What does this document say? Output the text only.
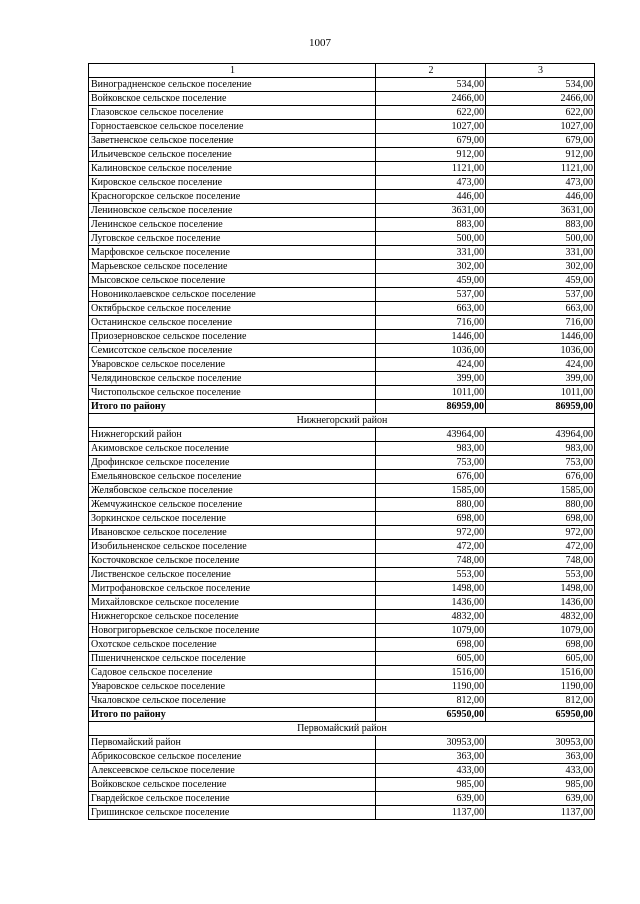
1007
1	2	3
Виноградненское сельское поселение	534,00	534,00
Войковское сельское поселение	2466,00	2466,00
Глазовское сельское поселение	622,00	622,00
Горностаевское сельское поселение	1027,00	1027,00
Заветненское сельское поселение	679,00	679,00
Ильичевское сельское поселение	912,00	912,00
Калиновское сельское поселение	1121,00	1121,00
Кировское сельское поселение	473,00	473,00
Красногорское сельское поселение	446,00	446,00
Лениновское сельское поселение	3631,00	3631,00
Ленинское сельское поселение	883,00	883,00
Луговское сельское поселение	500,00	500,00
Марфовское сельское поселение	331,00	331,00
Марьевское сельское поселение	302,00	302,00
Мысовское сельское поселение	459,00	459,00
Новониколаевское сельское поселение	537,00	537,00
Октябрьское сельское поселение	663,00	663,00
Останинское сельское поселение	716,00	716,00
Приозерновское сельское поселение	1446,00	1446,00
Семисотское сельское поселение	1036,00	1036,00
Уваровское сельское поселение	424,00	424,00
Челядиновское сельское поселение	399,00	399,00
Чистопольское сельское поселение	1011,00	1011,00
Итого по району	86959,00	86959,00
Нижнегорский район		
Нижнегорский район	43964,00	43964,00
Акимовское сельское поселение	983,00	983,00
Дрофинское сельское поселение	753,00	753,00
Емельяновское сельское поселение	676,00	676,00
Желябовское сельское поселение	1585,00	1585,00
Жемчужинское сельское поселение	880,00	880,00
Зоркинское сельское поселение	698,00	698,00
Ивановское сельское поселение	972,00	972,00
Изобильненское сельское поселение	472,00	472,00
Косточковское сельское поселение	748,00	748,00
Лиственское сельское поселение	553,00	553,00
Митрофановское сельское поселение	1498,00	1498,00
Михайловское сельское поселение	1436,00	1436,00
Нижнегорское сельское поселение	4832,00	4832,00
Новогригорьевское сельское поселение	1079,00	1079,00
Охотское сельское поселение	698,00	698,00
Пшеничненское сельское поселение	605,00	605,00
Садовое сельское поселение	1516,00	1516,00
Уваровское сельское поселение	1190,00	1190,00
Чкаловское сельское поселение	812,00	812,00
Итого по району	65950,00	65950,00
Первомайский район		
Первомайский район	30953,00	30953,00
Абрикосовское сельское поселение	363,00	363,00
Алексеевское сельское поселение	433,00	433,00
Войковское сельское поселение	985,00	985,00
Гвардейское сельское поселение	639,00	639,00
Гришинское сельское поселение	1137,00	1137,00
